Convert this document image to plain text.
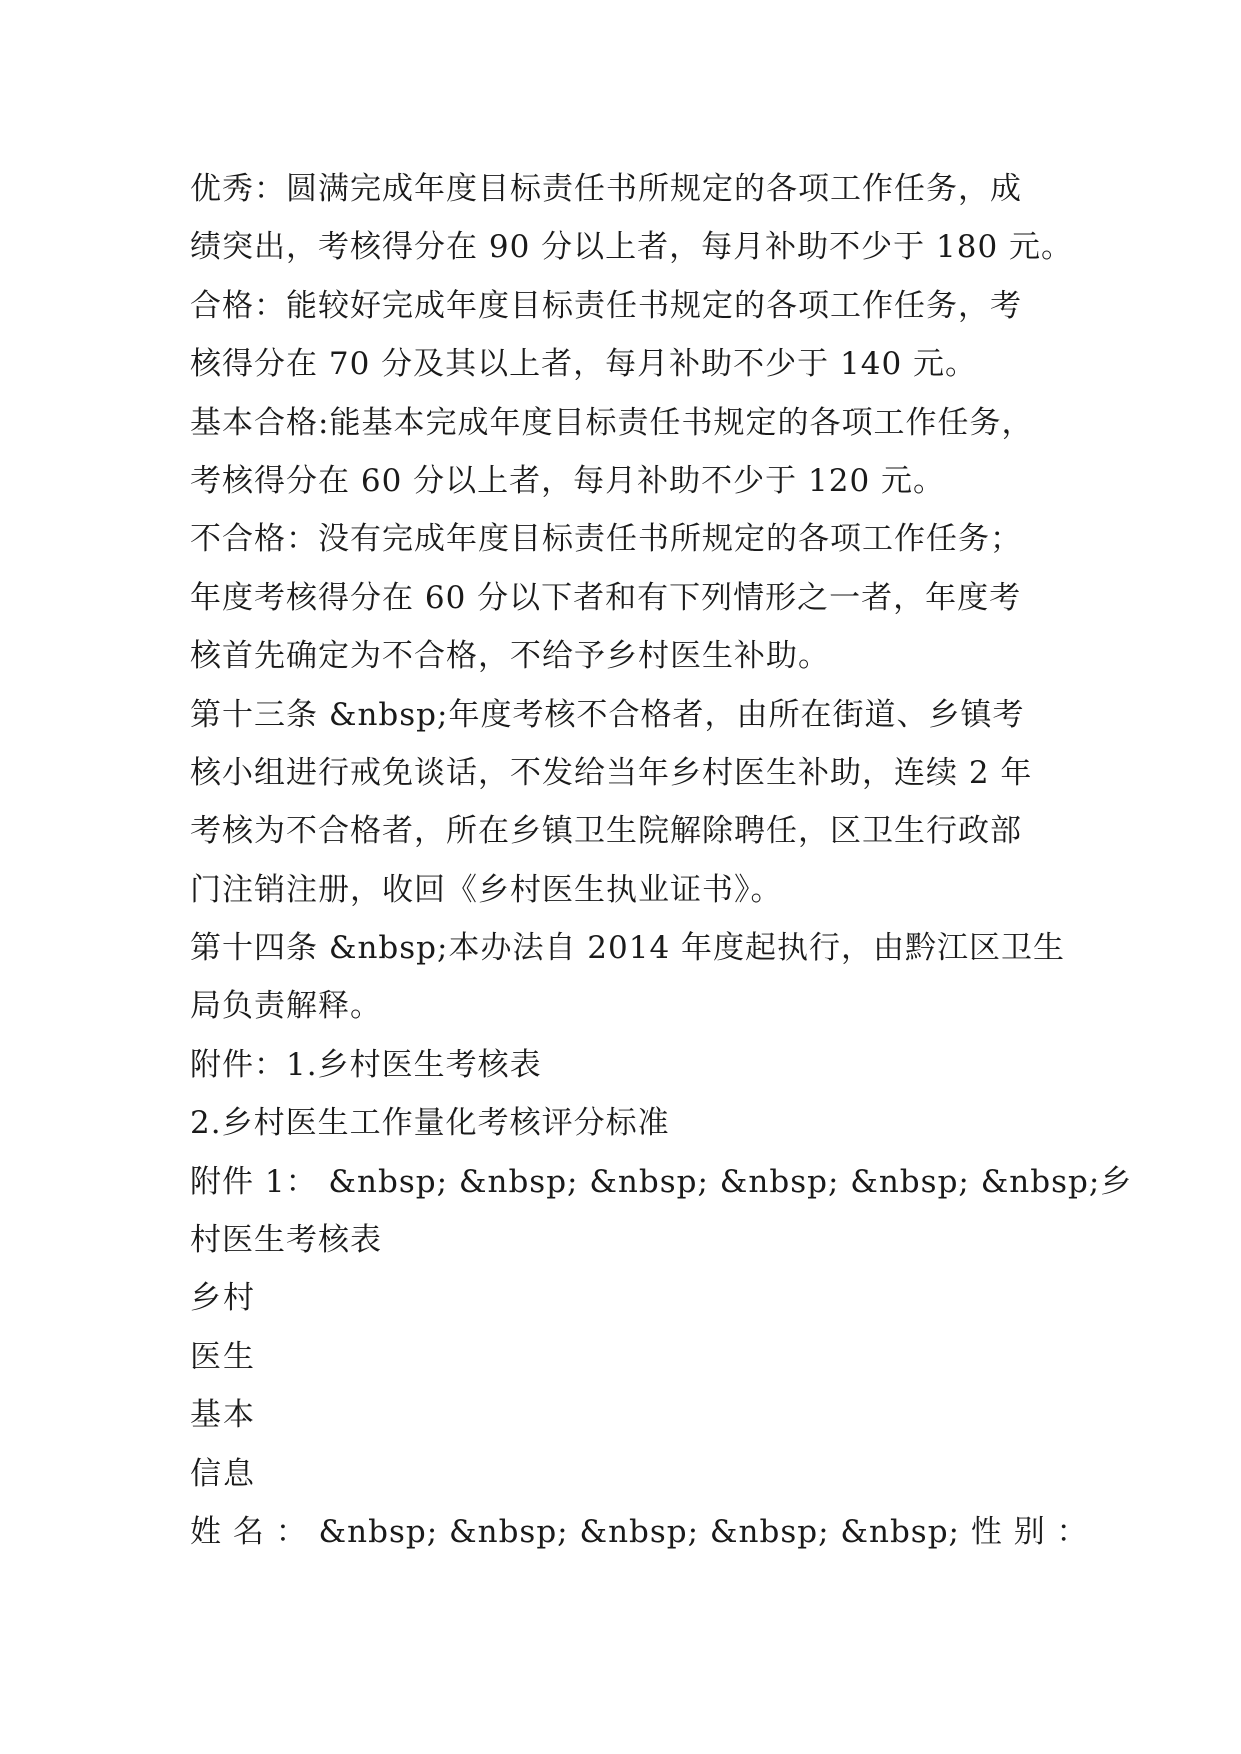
优秀：圆满完成年度目标责任书所规定的各项工作任务，成
绩突出，考核得分在 90 分以上者，每月补助不少于 180 元。
合格：能较好完成年度目标责任书规定的各项工作任务，考
核得分在 70 分及其以上者，每月补助不少于 140 元。
基本合格:能基本完成年度目标责任书规定的各项工作任务，
考核得分在 60 分以上者，每月补助不少于 120 元。
不合格：没有完成年度目标责任书所规定的各项工作任务；
年度考核得分在 60 分以下者和有下列情形之一者，年度考
核首先确定为不合格，不给予乡村医生补助。
第十三条 &nbsp;年度考核不合格者，由所在街道、乡镇考
核小组进行戒免谈话，不发给当年乡村医生补助，连续 2 年
考核为不合格者，所在乡镇卫生院解除聘任，区卫生行政部
门注销注册，收回《乡村医生执业证书》。
第十四条 &nbsp;本办法自 2014 年度起执行，由黔江区卫生
局负责解释。
附件：1.乡村医生考核表
2.乡村医生工作量化考核评分标准
附件 1： &nbsp; &nbsp; &nbsp; &nbsp; &nbsp; &nbsp;乡
村医生考核表
乡村
医生
基本
信息
姓 名 ： &nbsp; &nbsp; &nbsp; &nbsp; &nbsp; 性 别 ：
